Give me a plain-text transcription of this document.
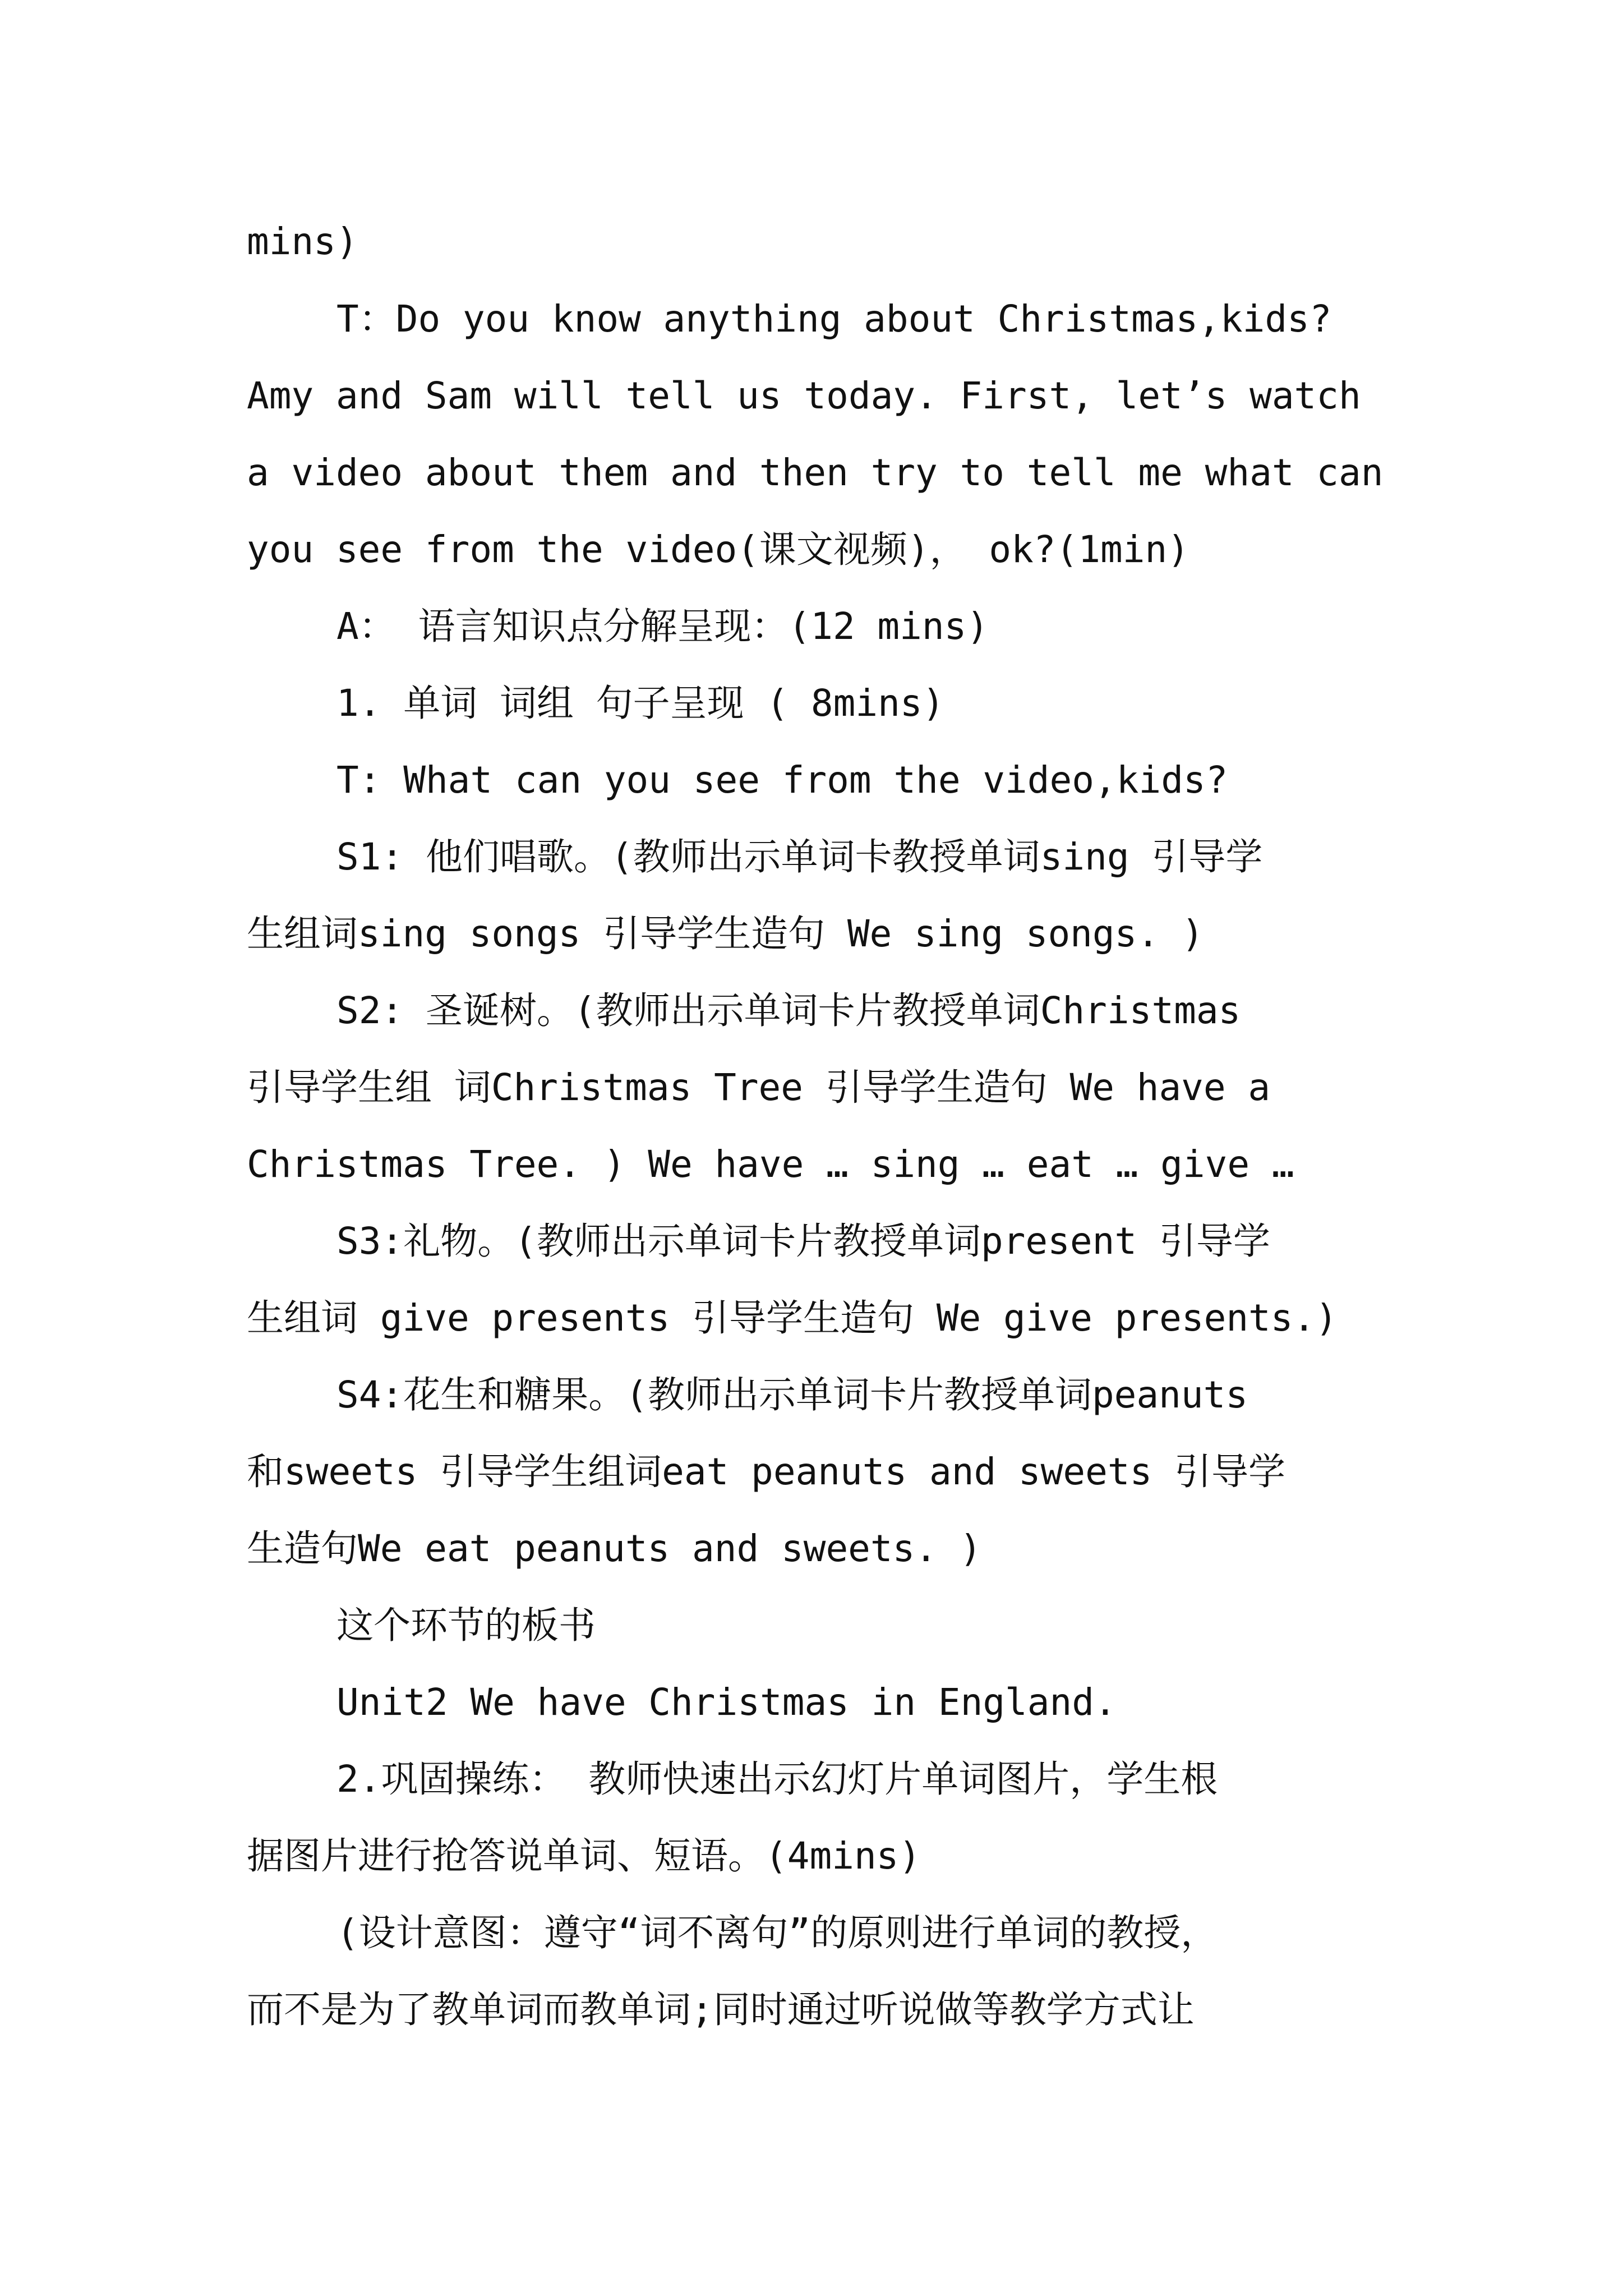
mins)
T：Do you know anything about Christmas,kids?
Amy and Sam will tell us today. First, let’s watch
a video about them and then try to tell me what can
you see from the video(课文视频)， ok?(1min)
A： 语言知识点分解呈现：(12 mins)
1. 单词 词组 句子呈现 ( 8mins)
T: What can you see from the video,kids?
S1: 他们唱歌。(教师出示单词卡教授单词sing 引导学
生组词sing songs 引导学生造句 We sing songs. )
S2: 圣诞树。(教师出示单词卡片教授单词Christmas
引导学生组 词Christmas Tree 引导学生造句 We have a
Christmas Tree. ) We have … sing … eat … give …
S3:礼物。(教师出示单词卡片教授单词present 引导学
生组词 give presents 引导学生造句 We give presents.)
S4:花生和糖果。(教师出示单词卡片教授单词peanuts
和sweets 引导学生组词eat peanuts and sweets 引导学
生造句We eat peanuts and sweets. )
这个环节的板书
Unit2 We have Christmas in England.
2.巩固操练： 教师快速出示幻灯片单词图片，学生根
据图片进行抢答说单词、短语。(4mins)
(设计意图：遵守“词不离句”的原则进行单词的教授，
而不是为了教单词而教单词;同时通过听说做等教学方式让
